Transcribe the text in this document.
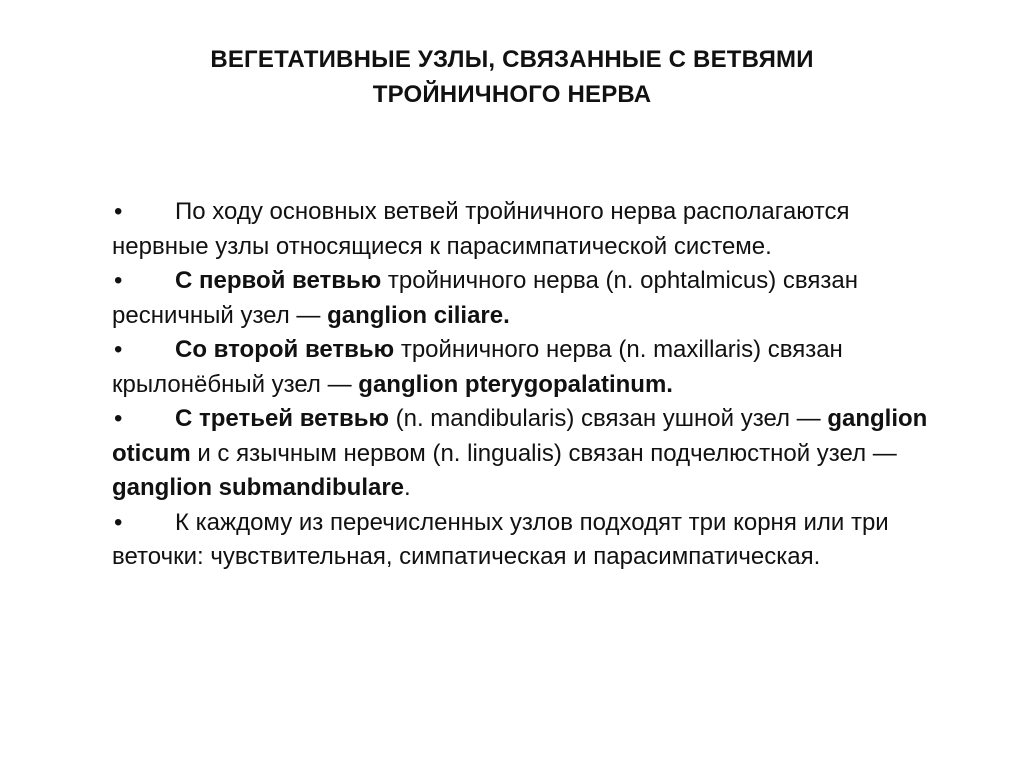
ВЕГЕТАТИВНЫЕ УЗЛЫ, СВЯЗАННЫЕ С ВЕТВЯМИ
ТРОЙНИЧНОГО НЕРВА

• По ходу основных ветвей тройничного нерва располагаются нервные узлы относящиеся к парасимпатической системе.

• С первой ветвью тройничного нерва (n. ophtalmicus) связан ресничный узел — ganglion ciliare.

• Со второй ветвью тройничного нерва (n. maxillaris) связан крылонёбный узел — ganglion pterygopalatinum.

• С третьей ветвью (n. mandibularis) связан ушной узел — ganglion oticum и с язычным нервом (n. lingualis) связан подчелюстной узел — ganglion submandibulare.

• К каждому из перечисленных узлов подходят три корня или три веточки: чувствительная, симпатическая и парасимпатическая.
